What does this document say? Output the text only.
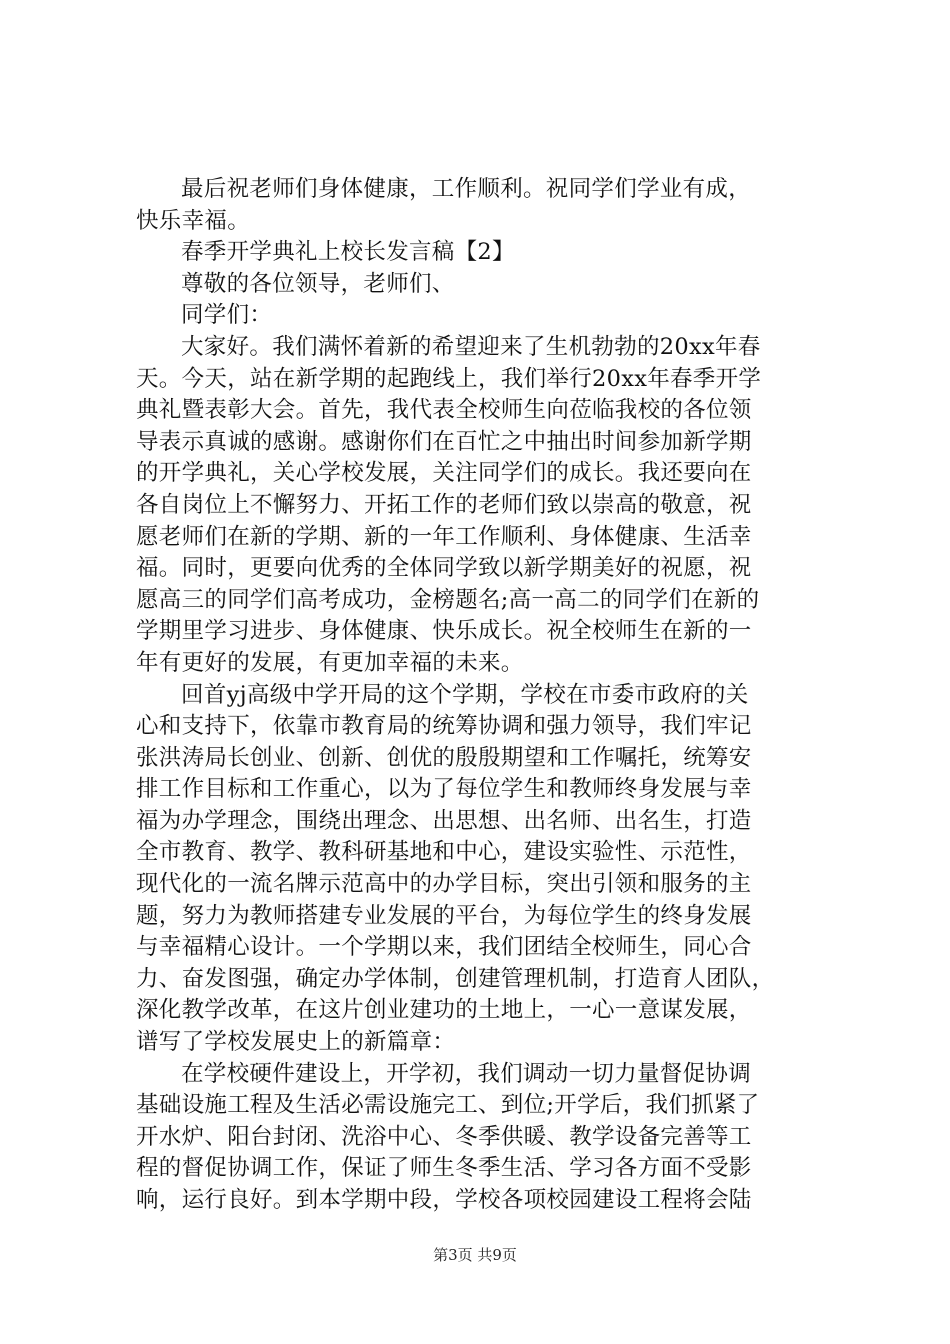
最后祝老师们身体健康，工作顺利。祝同学们学业有成，
快乐幸福。
春季开学典礼上校长发言稿【2】
尊敬的各位领导，老师们、
同学们：
大家好。我们满怀着新的希望迎来了生机勃勃的20xx年春
天。今天，站在新学期的起跑线上，我们举行20xx年春季开学
典礼暨表彰大会。首先，我代表全校师生向莅临我校的各位领
导表示真诚的感谢。感谢你们在百忙之中抽出时间参加新学期
的开学典礼，关心学校发展，关注同学们的成长。我还要向在
各自岗位上不懈努力、开拓工作的老师们致以崇高的敬意，祝
愿老师们在新的学期、新的一年工作顺利、身体健康、生活幸
福。同时，更要向优秀的全体同学致以新学期美好的祝愿，祝
愿高三的同学们高考成功，金榜题名;高一高二的同学们在新的
学期里学习进步、身体健康、快乐成长。祝全校师生在新的一
年有更好的发展，有更加幸福的未来。
回首yj高级中学开局的这个学期，学校在市委市政府的关
心和支持下，依靠市教育局的统筹协调和强力领导，我们牢记
张洪涛局长创业、创新、创优的殷殷期望和工作嘱托，统筹安
排工作目标和工作重心，以为了每位学生和教师终身发展与幸
福为办学理念，围绕出理念、出思想、出名师、出名生，打造
全市教育、教学、教科研基地和中心，建设实验性、示范性，
现代化的一流名牌示范高中的办学目标，突出引领和服务的主
题，努力为教师搭建专业发展的平台，为每位学生的终身发展
与幸福精心设计。一个学期以来，我们团结全校师生，同心合
力、奋发图强，确定办学体制，创建管理机制，打造育人团队，
深化教学改革，在这片创业建功的土地上，一心一意谋发展，
谱写了学校发展史上的新篇章：
在学校硬件建设上，开学初，我们调动一切力量督促协调
基础设施工程及生活必需设施完工、到位;开学后，我们抓紧了
开水炉、阳台封闭、洗浴中心、冬季供暖、教学设备完善等工
程的督促协调工作，保证了师生冬季生活、学习各方面不受影
响，运行良好。到本学期中段，学校各项校园建设工程将会陆
第3页 共9页
